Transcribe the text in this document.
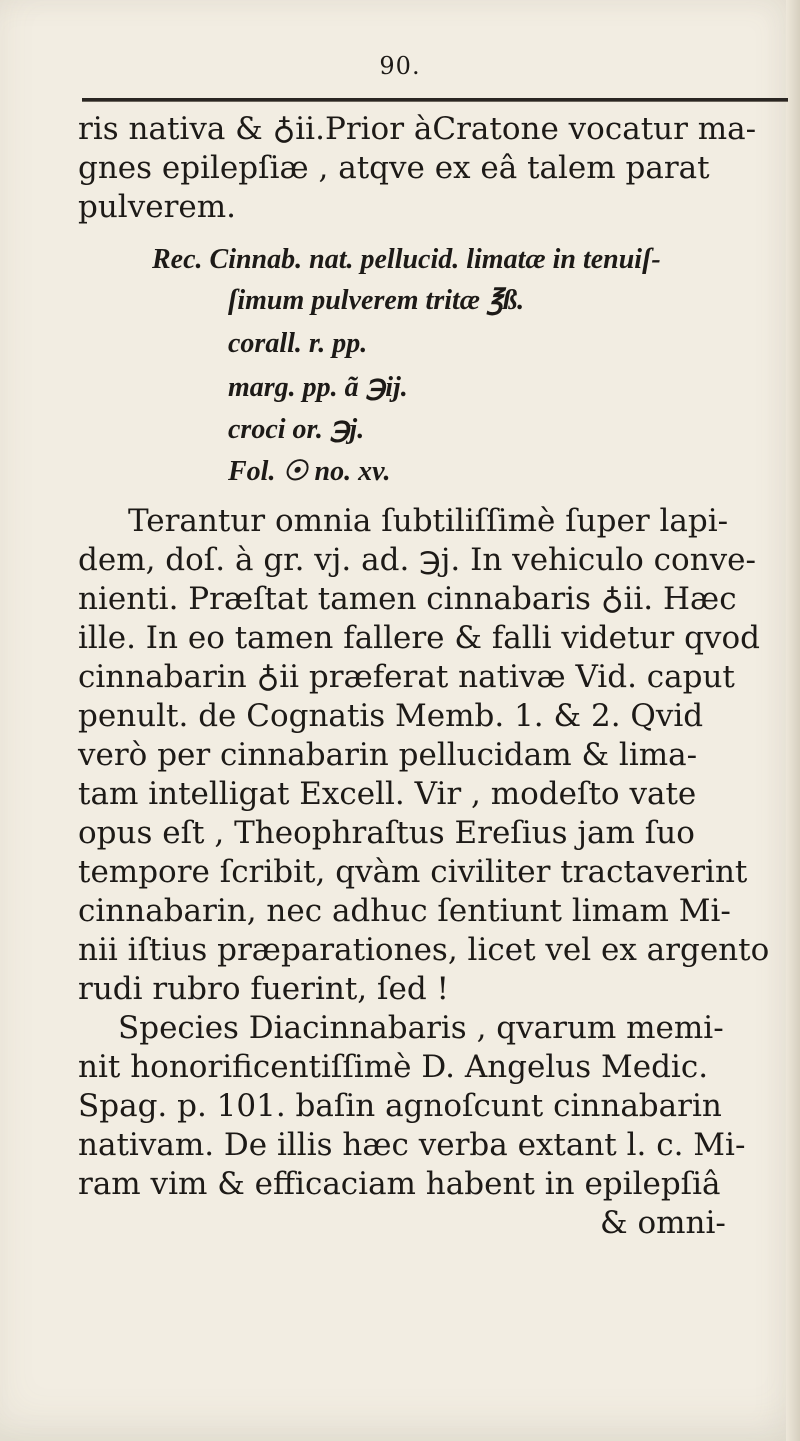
90.
ris nativa & ♁ii.Prior àCratone vocatur ma-
gnes epilepſiæ , atqve ex eâ talem parat
pulverem.
Rec. Cinnab. nat. pellucid. limatæ in tenuiſ-
ſimum pulverem tritæ ℥ß.
corall. r. pp.
marg. pp. ã ℈ij.
croci or. ℈j.
Fol. ☉ no. xv.
Terantur omnia ſubtiliſſimè ſuper lapi-
dem, doſ. à gr. vj. ad. ℈j. In vehiculo conve-
nienti. Præſtat tamen cinnabaris ♁ii. Hæc
ille. In eo tamen fallere & falli videtur qvod
cinnabarin ♁ii præferat nativæ Vid. caput
penult. de Cognatis Memb. 1. & 2. Qvid
verò per cinnabarin pellucidam & lima-
tam intelligat Excell. Vir , modeſto vate
opus eſt , Theophraſtus Ereſius jam ſuo
tempore ſcribit, qvàm civiliter tractaverint
cinnabarin, nec adhuc ſentiunt limam Mi-
nii iſtius præparationes, licet vel ex argento
rudi rubro fuerint, ſed !
Species Diacinnabaris , qvarum memi-
nit honorificentiſſimè D. Angelus Medic.
Spag. p. 101. baſin agnoſcunt cinnabarin
nativam. De illis hæc verba extant l. c. Mi-
ram vim & efficaciam habent in epilepſiâ
& omni-
